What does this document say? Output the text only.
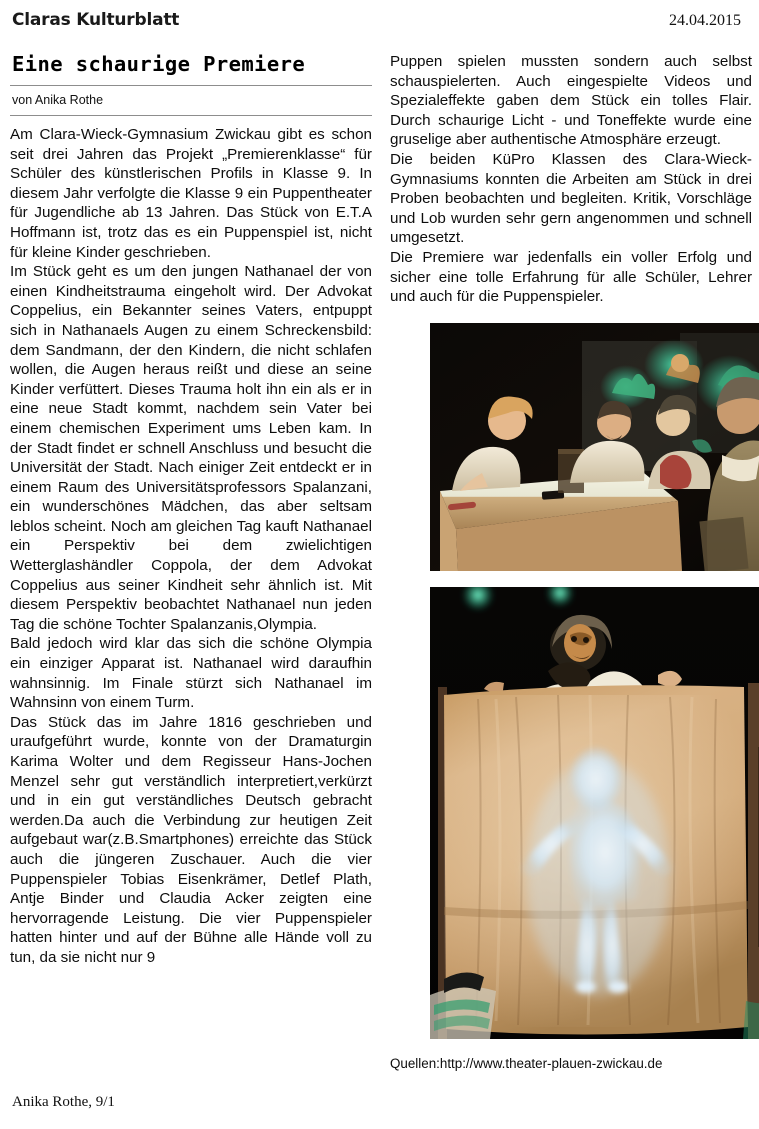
Claras Kulturblatt	24.04.2015
Eine schaurige Premiere
von Anika Rothe

Am Clara-Wieck-Gymnasium Zwickau gibt es schon seit drei Jahren das Projekt „Premierenklasse“ für Schüler des künstlerischen Profils in Klasse 9. In diesem Jahr verfolgte die Klasse 9 ein Puppentheater für Jugendliche ab 13 Jahren. Das Stück von E.T.A Hoffmann ist, trotz das es ein Puppenspiel ist, nicht für kleine Kinder geschrieben.

Im Stück geht es um den jungen Nathanael der von einen Kindheitstrauma eingeholt wird. Der Advokat Coppelius, ein Bekannter seines Vaters, entpuppt sich in Nathanaels Augen zu einem Schreckensbild: dem Sandmann, der den Kindern, die nicht schlafen wollen, die Augen heraus reißt und diese an seine Kinder verfüttert. Dieses Trauma holt ihn ein als er in eine neue Stadt kommt, nachdem sein Vater bei einem chemischen Experiment ums Leben kam. In der Stadt findet er schnell Anschluss und besucht die Universität der Stadt. Nach einiger Zeit entdeckt er in einem Raum des Universitätsprofessors Spalanzani, ein wunderschönes Mädchen, das aber seltsam leblos scheint. Noch am gleichen Tag kauft Nathanael ein Perspektiv bei dem zwielichtigen Wetterglashändler Coppola, der dem Advokat Coppelius aus seiner Kindheit sehr ähnlich ist. Mit diesem Perspektiv beobachtet Nathanael nun jeden Tag die schöne Tochter Spalanzanis,Olympia.

Bald jedoch wird klar das sich die schöne Olympia ein einziger Apparat ist. Nathanael wird daraufhin wahnsinnig. Im Finale stürzt sich Nathanael im Wahnsinn von einem Turm.

Das Stück das im Jahre 1816 geschrieben und uraufgeführt wurde, konnte von der Dramaturgin Karima Wolter und dem Regisseur Hans-Jochen Menzel sehr gut verständlich interpretiert,verkürzt und in ein gut verständliches Deutsch gebracht werden.Da auch die Verbindung zur heutigen Zeit aufgebaut war(z.B.Smartphones) erreichte das Stück auch die jüngeren Zuschauer. Auch die vier Puppenspieler Tobias Eisenkrämer, Detlef Plath, Antje Binder und Claudia Acker zeigten eine hervorragende Leistung. Die vier Puppenspieler hatten hinter und auf der Bühne alle Hände voll zu tun, da sie nicht nur 9

Puppen spielen mussten sondern auch selbst schauspielerten. Auch eingespielte Videos und Spezialeffekte gaben dem Stück ein tolles Flair. Durch schaurige Licht - und Toneffekte wurde eine gruselige aber authentische Atmosphäre erzeugt.

Die beiden KüPro Klassen des Clara-Wieck-Gymnasiums konnten die Arbeiten am Stück in drei Proben beobachten und begleiten. Kritik, Vorschläge und Lob wurden sehr gern angenommen und schnell umgesetzt.

Die Premiere war jedenfalls ein voller Erfolg und sicher eine tolle Erfahrung für alle Schüler, Lehrer und auch für die Puppenspieler.

Quellen:http://www.theater-plauen-zwickau.de
Anika Rothe, 9/1
